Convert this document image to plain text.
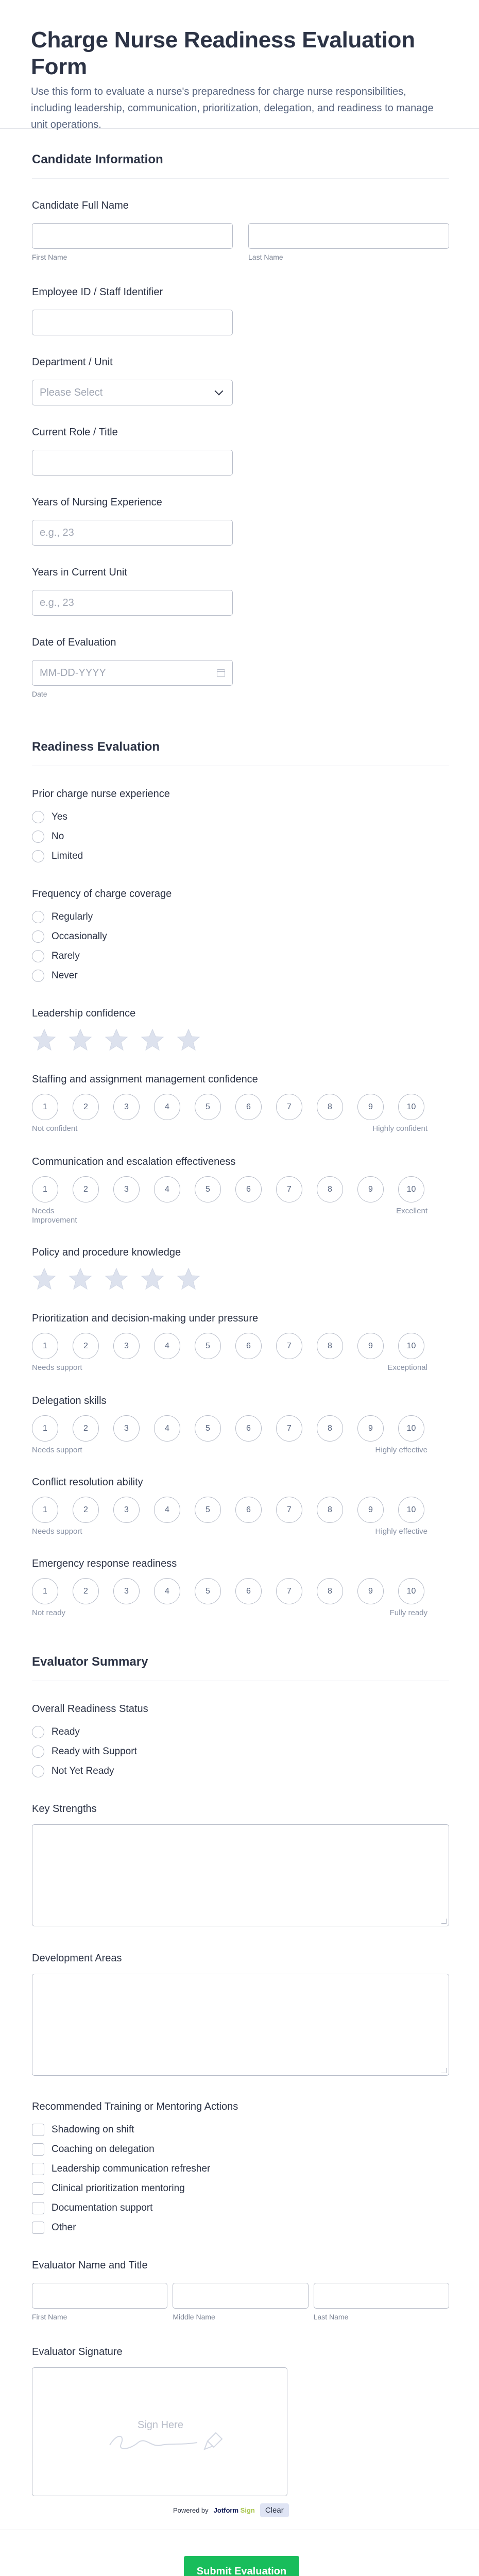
Charge Nurse Readiness Evaluation Form
Use this form to evaluate a nurse's preparedness for charge nurse responsibilities, including leadership, communication, prioritization, delegation, and readiness to manage unit operations.
Candidate Information
Candidate Full Name
First Name	Last Name
Employee ID / Staff Identifier
Department / Unit
Please Select
Current Role / Title
Years of Nursing Experience
e.g., 23
Years in Current Unit
e.g., 23
Date of Evaluation
MM-DD-YYYY
Date
Readiness Evaluation
Prior charge nurse experience
Yes
No
Limited
Frequency of charge coverage
Regularly
Occasionally
Rarely
Never
Leadership confidence
Staffing and assignment management confidence
1	2	3	4	5	6	7	8	9	10
Not confident	Highly confident
Communication and escalation effectiveness
1	2	3	4	5	6	7	8	9	10
Needs Improvement
Excellent
Policy and procedure knowledge
Prioritization and decision-making under pressure
1	2	3	4	5	6	7	8	9	10
Needs support	Exceptional
Delegation skills
1	2	3	4	5	6	7	8	9	10
Needs support	Highly effective
Conflict resolution ability
1	2	3	4	5	6	7	8	9	10
Needs support	Highly effective
Emergency response readiness
1	2	3	4	5	6	7	8	9	10
Not ready	Fully ready
Evaluator Summary
Overall Readiness Status
Ready
Ready with Support
Not Yet Ready
Key Strengths
Development Areas
Recommended Training or Mentoring Actions
Shadowing on shift
Coaching on delegation
Leadership communication refresher
Clinical prioritization mentoring
Documentation support
Other
Evaluator Name and Title
First Name	Middle Name	Last Name
Evaluator Signature
Sign Here
Powered by Jotform Sign	Clear
Submit Evaluation
